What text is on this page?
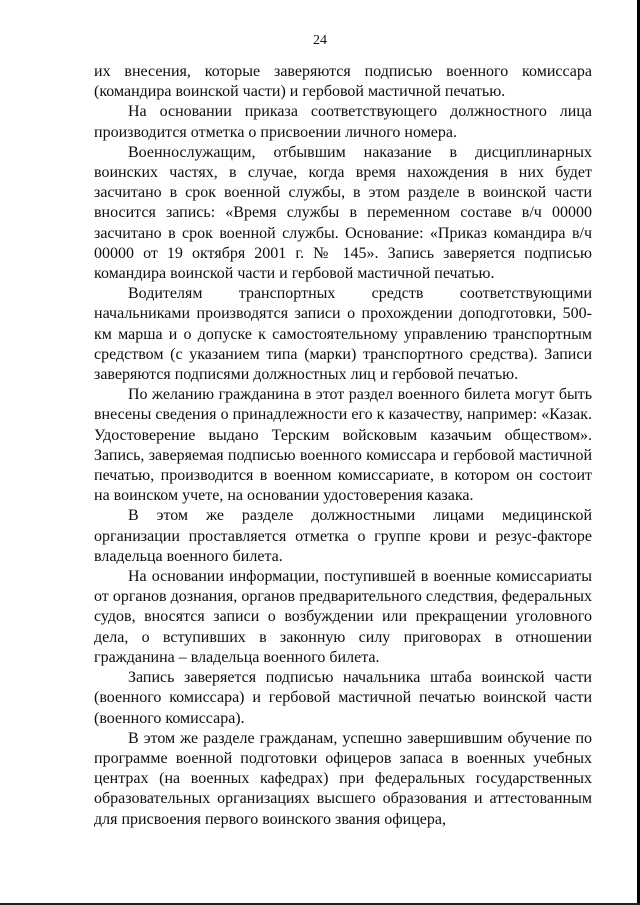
24

их внесения, которые заверяются подписью военного комиссара (командира воинской части) и гербовой мастичной печатью.

На основании приказа соответствующего должностного лица производится отметка о присвоении личного номера.

Военнослужащим, отбывшим наказание в дисциплинарных воинских частях, в случае, когда время нахождения в них будет засчитано в срок военной службы, в этом разделе в воинской части вносится запись: «Время службы в переменном составе в/ч 00000 засчитано в срок военной службы. Основание: «Приказ командира в/ч 00000 от 19 октября 2001 г. № 145». Запись заверяется подписью командира воинской части и гербовой мастичной печатью.

Водителям транспортных средств соответствующими начальниками производятся записи о прохождении доподготовки, 500-км марша и о допуске к самостоятельному управлению транспортным средством (с указанием типа (марки) транспортного средства). Записи заверяются подписями должностных лиц и гербовой печатью.

По желанию гражданина в этот раздел военного билета могут быть внесены сведения о принадлежности его к казачеству, например: «Казак. Удостоверение выдано Терским войсковым казачьим обществом». Запись, заверяемая подписью военного комиссара и гербовой мастичной печатью, производится в военном комиссариате, в котором он состоит на воинском учете, на основании удостоверения казака.

В этом же разделе должностными лицами медицинской организации проставляется отметка о группе крови и резус-факторе владельца военного билета.

На основании информации, поступившей в военные комиссариаты от органов дознания, органов предварительного следствия, федеральных судов, вносятся записи о возбуждении или прекращении уголовного дела, о вступивших в законную силу приговорах в отношении гражданина – владельца военного билета.

Запись заверяется подписью начальника штаба воинской части (военного комиссара) и гербовой мастичной печатью воинской части (военного комиссара).

В этом же разделе гражданам, успешно завершившим обучение по программе военной подготовки офицеров запаса в военных учебных центрах (на военных кафедрах) при федеральных государственных образовательных организациях высшего образования и аттестованным для присвоения первого воинского звания офицера,
